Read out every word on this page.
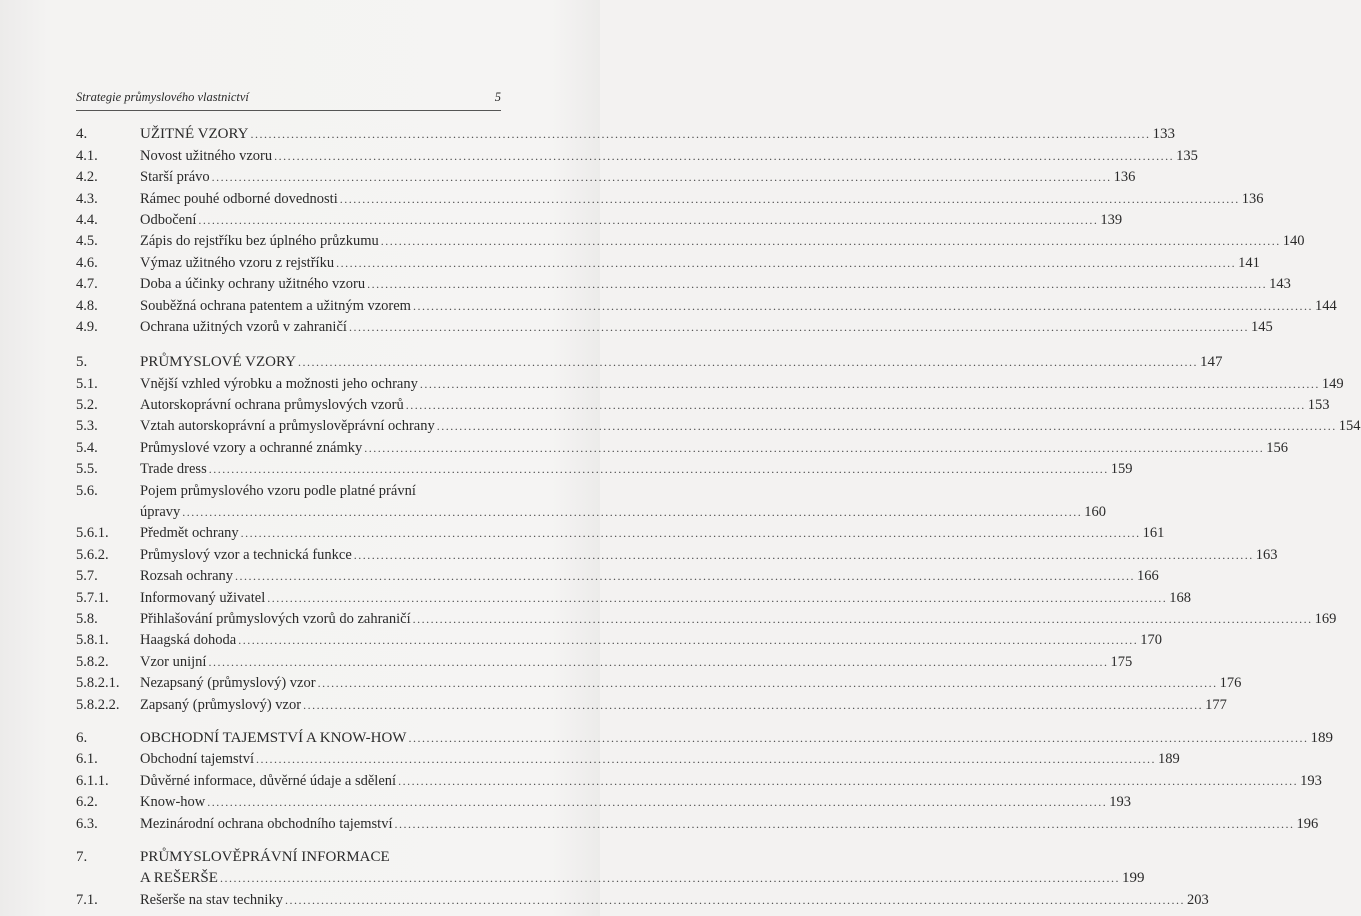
Strategie průmyslového vlastnictví	5
4.	UŽITNÉ VZORY ........................................................................................................................................................................................................ 133
4.1.	Novost užitného vzoru ........................................................................................................................................................................................................ 135
4.2.	Starší právo ........................................................................................................................................................................................................ 136
4.3.	Rámec pouhé odborné dovednosti ........................................................................................................................................................................................................ 136
4.4.	Odbočení ........................................................................................................................................................................................................ 139
4.5.	Zápis do rejstříku bez úplného průzkumu ........................................................................................................................................................................................................ 140
4.6.	Výmaz užitného vzoru z rejstříku ........................................................................................................................................................................................................ 141
4.7.	Doba a účinky ochrany užitného vzoru ........................................................................................................................................................................................................ 143
4.8.	Souběžná ochrana patentem a užitným vzorem ........................................................................................................................................................................................................ 144
4.9.	Ochrana užitných vzorů v zahraničí ........................................................................................................................................................................................................ 145
5.	PRŮMYSLOVÉ VZORY ........................................................................................................................................................................................................ 147
5.1.	Vnější vzhled výrobku a možnosti jeho ochrany ........................................................................................................................................................................................................ 149
5.2.	Autorskoprávní ochrana průmyslových vzorů ........................................................................................................................................................................................................ 153
5.3.	Vztah autorskoprávní a průmyslověprávní ochrany ........................................................................................................................................................................................................ 154
5.4.	Průmyslové vzory a ochranné známky ........................................................................................................................................................................................................ 156
5.5.	Trade dress ........................................................................................................................................................................................................ 159
5.6.	Pojem průmyslového vzoru podle platné právní
úpravy ........................................................................................................................................................................................................ 160
5.6.1.	Předmět ochrany ........................................................................................................................................................................................................ 161
5.6.2.	Průmyslový vzor a technická funkce ........................................................................................................................................................................................................ 163
5.7.	Rozsah ochrany ........................................................................................................................................................................................................ 166
5.7.1.	Informovaný uživatel ........................................................................................................................................................................................................ 168
5.8.	Přihlašování průmyslových vzorů do zahraničí ........................................................................................................................................................................................................ 169
5.8.1.	Haagská dohoda ........................................................................................................................................................................................................ 170
5.8.2.	Vzor unijní ........................................................................................................................................................................................................ 175
5.8.2.1.	Nezapsaný (průmyslový) vzor ........................................................................................................................................................................................................ 176
5.8.2.2.	Zapsaný (průmyslový) vzor ........................................................................................................................................................................................................ 177
6.	OBCHODNÍ TAJEMSTVÍ A KNOW-HOW ........................................................................................................................................................................................................ 189
6.1.	Obchodní tajemství ........................................................................................................................................................................................................ 189
6.1.1.	Důvěrné informace, důvěrné údaje a sdělení ........................................................................................................................................................................................................ 193
6.2.	Know-how ........................................................................................................................................................................................................ 193
6.3.	Mezinárodní ochrana obchodního tajemství ........................................................................................................................................................................................................ 196
7.	PRŮMYSLOVĚPRÁVNÍ INFORMACE
A REŠERŠE ........................................................................................................................................................................................................ 199
7.1.	Rešerše na stav techniky ........................................................................................................................................................................................................ 203
